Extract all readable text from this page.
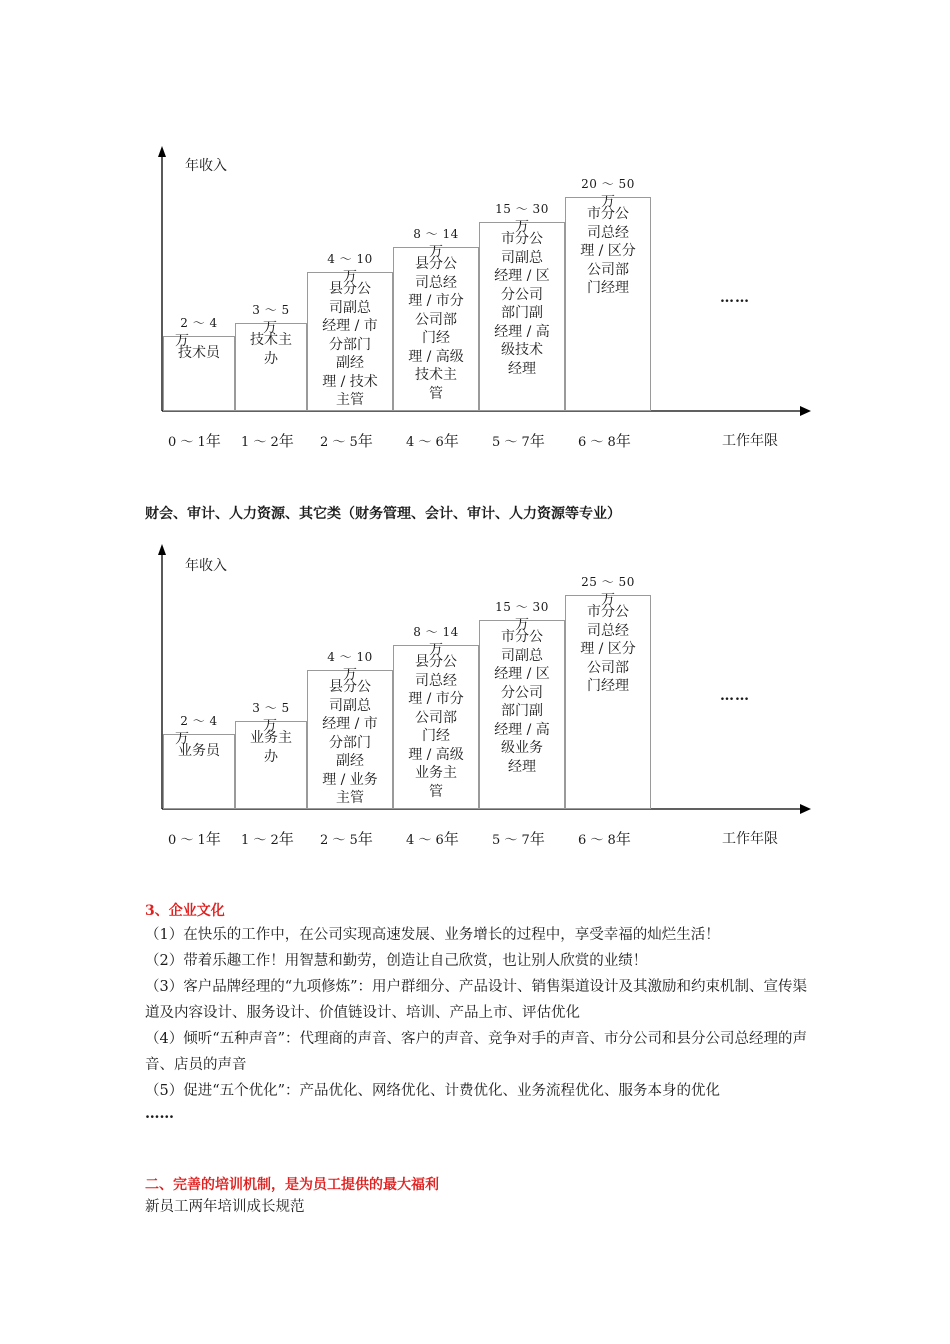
年收入
2 ～ 4
万
技术员
0 ～ 1年
3 ～ 5
万
技术主
办
1 ～ 2年
4 ～ 10
万
县分公
司副总
经理 / 市
分部门
副经
理 / 技术
主管
2 ～ 5年
8 ～ 14
万
县分公
司总经
理 / 市分
公司部
门经
理 / 高级
技术主
管
4 ～ 6年
15 ～ 30
万
市分公
司副总
经理 / 区
分公司
部门副
经理 / 高
级技术
经理
5 ～ 7年
20 ～ 50
万
市分公
司总经
理 / 区分
公司部
门经理
6 ～ 8年
……
工作年限
财会、审计、人力资源、其它类（财务管理、会计、审计、人力资源等专业）
年收入
2 ～ 4
万
业务员
0 ～ 1年
3 ～ 5
万
业务主
办
1 ～ 2年
4 ～ 10
万
县分公
司副总
经理 / 市
分部门
副经
理 / 业务
主管
2 ～ 5年
8 ～ 14
万
县分公
司总经
理 / 市分
公司部
门经
理 / 高级
业务主
管
4 ～ 6年
15 ～ 30
万
市分公
司副总
经理 / 区
分公司
部门副
经理 / 高
级业务
经理
5 ～ 7年
25 ～ 50
万
市分公
司总经
理 / 区分
公司部
门经理
6 ～ 8年
……
工作年限
3、企业文化

（1）在快乐的工作中，在公司实现高速发展、业务增长的过程中，享受幸福的灿烂生活！

（2）带着乐趣工作！用智慧和勤劳，创造让自己欣赏，也让别人欣赏的业绩！

（3）客户品牌经理的“九项修炼”：用户群细分、产品设计、销售渠道设计及其激励和约束机制、宣传渠道及内容设计、服务设计、价值链设计、培训、产品上市、评估优化

（4）倾听“五种声音”：代理商的声音、客户的声音、竞争对手的声音、市分公司和县分公司总经理的声音、店员的声音

（5）促进“五个优化”：产品优化、网络优化、计费优化、业务流程优化、服务本身的优化

……

二、完善的培训机制，是为员工提供的最大福利
新员工两年培训成长规范
